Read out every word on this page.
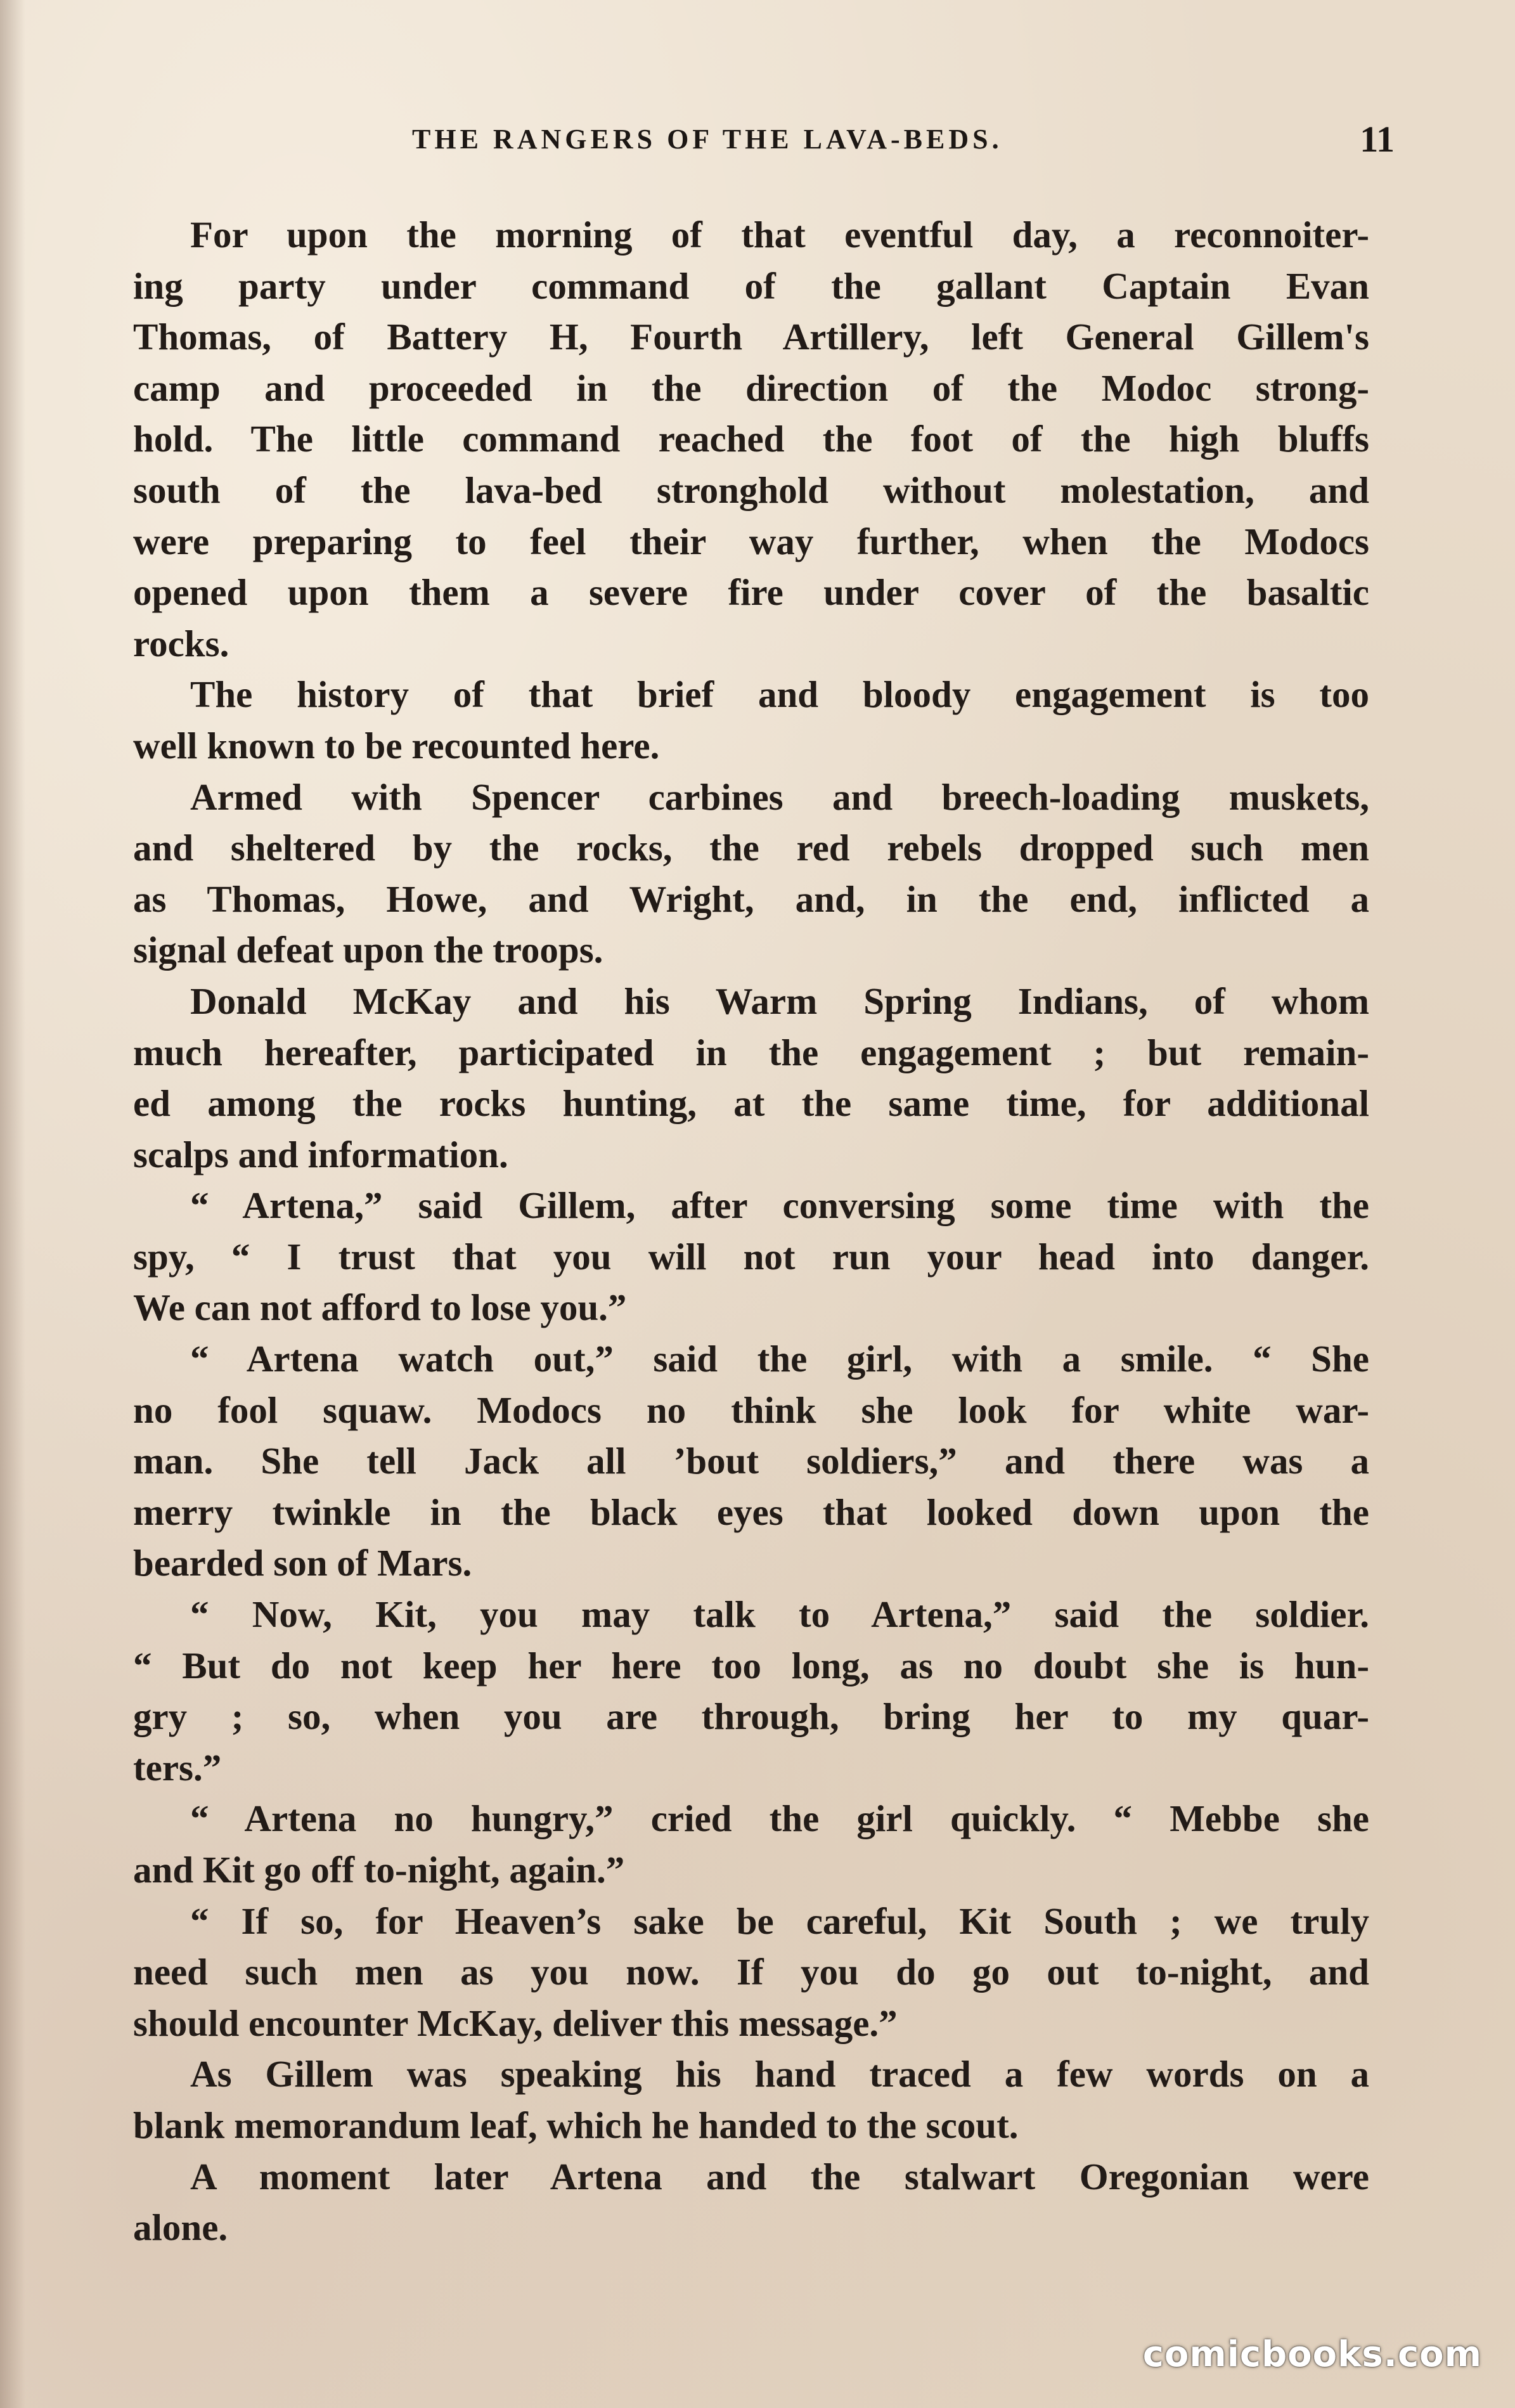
THE RANGERS OF THE LAVA-BEDS.	11
For upon the morning of that eventful day, a reconnoiter-
ing party under command of the gallant Captain Evan
Thomas, of Battery H, Fourth Artillery, left General Gillem's
camp and proceeded in the direction of the Modoc strong-
hold. The little command reached the foot of the high bluffs
south of the lava-bed stronghold without molestation, and
were preparing to feel their way further, when the Modocs
opened upon them a severe fire under cover of the basaltic
rocks.
The history of that brief and bloody engagement is too
well known to be recounted here.
Armed with Spencer carbines and breech-loading muskets,
and sheltered by the rocks, the red rebels dropped such men
as Thomas, Howe, and Wright, and, in the end, inflicted a
signal defeat upon the troops.
Donald McKay and his Warm Spring Indians, of whom
much hereafter, participated in the engagement ; but remain-
ed among the rocks hunting, at the same time, for additional
scalps and information.
“ Artena,” said Gillem, after conversing some time with the
spy, “ I trust that you will not run your head into danger.
We can not afford to lose you.”
“ Artena watch out,” said the girl, with a smile. “ She
no fool squaw. Modocs no think she look for white war-
man. She tell Jack all ’bout soldiers,” and there was a
merry twinkle in the black eyes that looked down upon the
bearded son of Mars.
“ Now, Kit, you may talk to Artena,” said the soldier.
“ But do not keep her here too long, as no doubt she is hun-
gry ; so, when you are through, bring her to my quar-
ters.”
“ Artena no hungry,” cried the girl quickly. “ Mebbe she
and Kit go off to-night, again.”
“ If so, for Heaven’s sake be careful, Kit South ; we truly
need such men as you now. If you do go out to-night, and
should encounter McKay, deliver this message.”
As Gillem was speaking his hand traced a few words on a
blank memorandum leaf, which he handed to the scout.
A moment later Artena and the stalwart Oregonian were
alone.
comicbooks.com
